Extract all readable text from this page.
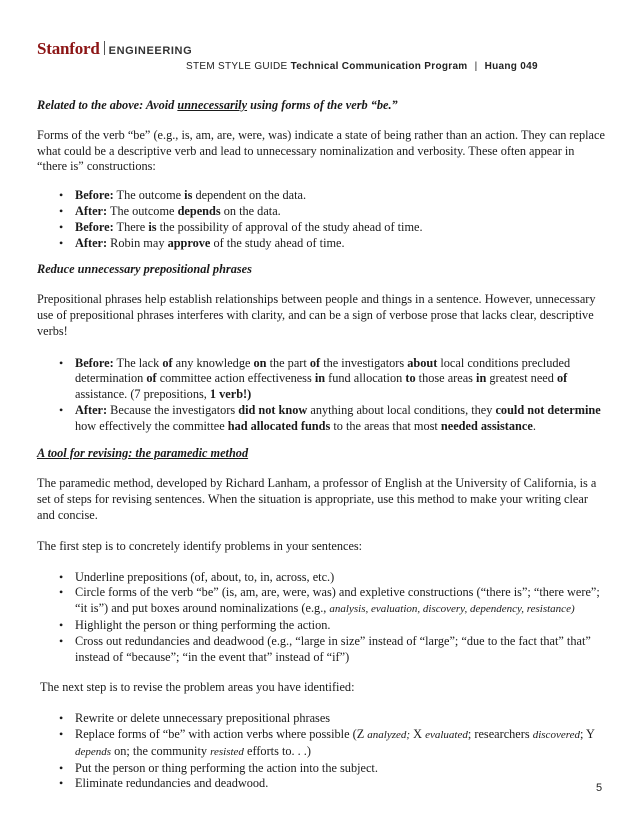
Stanford ENGINEERING
STEM STYLE GUIDE Technical Communication Program | Huang 049
Related to the above: Avoid unnecessarily using forms of the verb “be.”

Forms of the verb “be” (e.g., is, am, are, were, was) indicate a state of being rather than an action. They can replace what could be a descriptive verb and lead to unnecessary nominalization and verbosity. These often appear in “there is” constructions:

• Before: The outcome is dependent on the data.
• After: The outcome depends on the data.
• Before: There is the possibility of approval of the study ahead of time.
• After: Robin may approve of the study ahead of time.
Reduce unnecessary prepositional phrases

Prepositional phrases help establish relationships between people and things in a sentence. However, unnecessary use of prepositional phrases interferes with clarity, and can be a sign of verbose prose that lacks clear, descriptive verbs!

• Before: The lack of any knowledge on the part of the investigators about local conditions precluded determination of committee action effectiveness in fund allocation to those areas in greatest need of assistance. (7 prepositions, 1 verb!)
• After: Because the investigators did not know anything about local conditions, they could not determine how effectively the committee had allocated funds to the areas that most needed assistance.
A tool for revising: the paramedic method

The paramedic method, developed by Richard Lanham, a professor of English at the University of California, is a set of steps for revising sentences. When the situation is appropriate, use this method to make your writing clear and concise.

The first step is to concretely identify problems in your sentences:

• Underline prepositions (of, about, to, in, across, etc.)
• Circle forms of the verb “be” (is, am, are, were, was) and expletive constructions (“there is”; “there were”; “it is”) and put boxes around nominalizations (e.g., analysis, evaluation, discovery, dependency, resistance)
• Highlight the person or thing performing the action.
• Cross out redundancies and deadwood (e.g., “large in size” instead of “large”; “due to the fact that” that” instead of “because”; “in the event that” instead of “if”)

The next step is to revise the problem areas you have identified:

• Rewrite or delete unnecessary prepositional phrases
• Replace forms of “be” with action verbs where possible (Z analyzed; X evaluated; researchers discovered; Y depends on; the community resisted efforts to. . .)
• Put the person or thing performing the action into the subject.
• Eliminate redundancies and deadwood.	5
